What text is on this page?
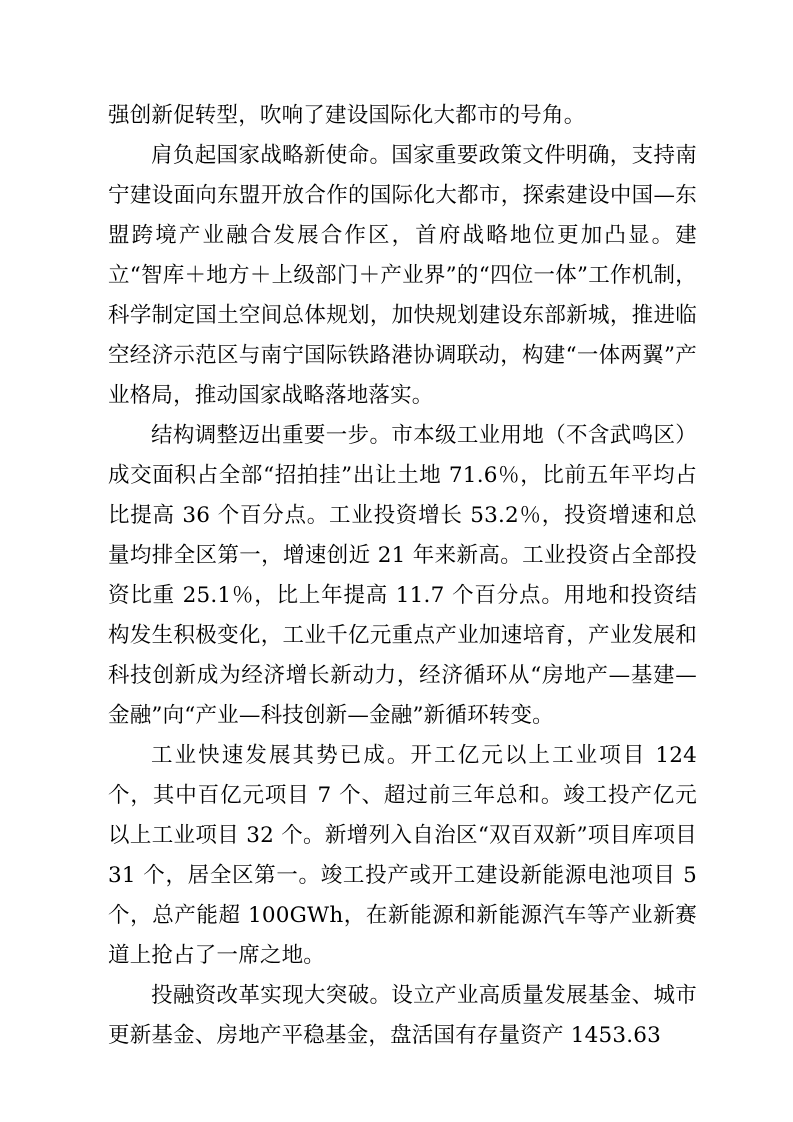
强创新促转型，吹响了建设国际化大都市的号角。

肩负起国家战略新使命。国家重要政策文件明确，支持南宁建设面向东盟开放合作的国际化大都市，探索建设中国—东盟跨境产业融合发展合作区，首府战略地位更加凸显。建立“智库＋地方＋上级部门＋产业界”的“四位一体”工作机制，科学制定国土空间总体规划，加快规划建设东部新城，推进临空经济示范区与南宁国际铁路港协调联动，构建“一体两翼”产业格局，推动国家战略落地落实。

结构调整迈出重要一步。市本级工业用地（不含武鸣区）成交面积占全部“招拍挂”出让土地 71.6％，比前五年平均占比提高 36 个百分点。工业投资增长 53.2％，投资增速和总量均排全区第一，增速创近 21 年来新高。工业投资占全部投资比重 25.1％，比上年提高 11.7 个百分点。用地和投资结构发生积极变化，工业千亿元重点产业加速培育，产业发展和科技创新成为经济增长新动力，经济循环从“房地产—基建—金融”向“产业—科技创新—金融”新循环转变。

工业快速发展其势已成。开工亿元以上工业项目 124 个，其中百亿元项目 7 个、超过前三年总和。竣工投产亿元以上工业项目 32 个。新增列入自治区“双百双新”项目库项目 31 个，居全区第一。竣工投产或开工建设新能源电池项目 5 个，总产能超 100GWh，在新能源和新能源汽车等产业新赛道上抢占了一席之地。

投融资改革实现大突破。设立产业高质量发展基金、城市更新基金、房地产平稳基金，盘活国有存量资产 1453.63
